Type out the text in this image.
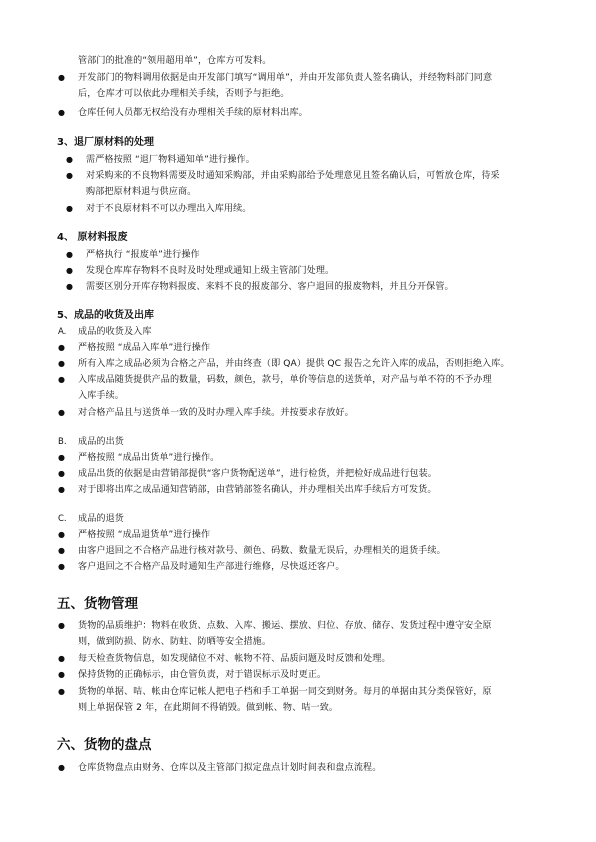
管部门的批准的“领用超用单”，仓库方可发料。
● 开发部门的物料调用依据是由开发部门填写“调用单”，并由开发部负责人签名确认，并经物料部门同意
后，仓库才可以依此办理相关手续，否则予与拒绝。
● 仓库任何人员都无权给没有办理相关手续的原材料出库。
3、退厂原材料的处理
● 需严格按照 “退厂物料通知单”进行操作。
● 对采购来的不良物料需要及时通知采购部，并由采购部给予处理意见且签名确认后，可暂放仓库，待采
购部把原材料退与供应商。
● 对于不良原材料不可以办理出入库用续。
4、 原材料报废
● 严格执行 “报废单”进行操作
● 发现仓库库存物料不良时及时处理或通知上级主管部门处理。
● 需要区别分开库存物料报废、来料不良的报废部分、客户退回的报废物料，并且分开保管。
5、成品的收货及出库
A. 成品的收货及入库
● 严格按照 “成品入库单”进行操作
● 所有入库之成品必须为合格之产品，并由终查（即 QA）提供 QC 报告之允许入库的成品，否则拒绝入库。
● 入库成品随货提供产品的数量，码数，颜色，款号，单价等信息的送货单，对产品与单不符的不予办理
入库手续。
● 对合格产品且与送货单一致的及时办理入库手续。并按要求存放好。
B. 成品的出货
● 严格按照 “成品出货单”进行操作。
● 成品出货的依据是由营销部提供“客户货物配送单”，进行检货，并把检好成品进行包装。
● 对于即将出库之成品通知营销部，由营销部签名确认，并办理相关出库手续后方可发货。
C. 成品的退货
● 严格按照 “成品退货单”进行操作
● 由客户退回之不合格产品进行核对款号、颜色、码数、数量无误后，办理相关的退货手续。
● 客户退回之不合格产品及时通知生产部进行维修，尽快返还客户。
五、货物管理
● 货物的品质维护：物料在收货、点数、入库、搬运、摆放、归位、存放、储存、发货过程中遵守安全原
则，做到防损、防水、防蛀、防晒等安全措施。
● 每天检查货物信息，如发现储位不对、帐物不符、品质问题及时反馈和处理。
● 保持货物的正确标示，由仓管负责，对于错误标示及时更正。
● 货物的单据、咭、帐由仓库记帐人把电子档和手工单据一同交到财务。每月的单据由其分类保管好，原
则上单据保管 2 年，在此期间不得销毁。做到帐、物、咭一致。
六、货物的盘点
● 仓库货物盘点由财务、仓库以及主管部门拟定盘点计划时间表和盘点流程。
